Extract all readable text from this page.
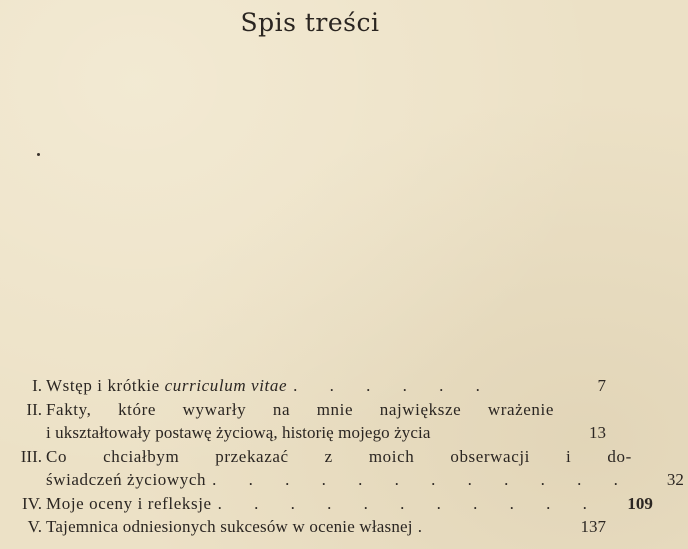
Spis treści
I. Wstęp i krótkie curriculum vitae . . . . . .	7
II. Fakty, które wywarły na mnie największe wrażenie
i ukształtowały postawę życiową, historię mojego życia	13
III. Co chciałbym przekazać z moich obserwacji i do-
świadczeń życiowych . . . . . . . . . . . .	32
IV. Moje oceny i refleksje . . . . . . . . . . .	109
V. Tajemnica odniesionych sukcesów w ocenie własnej .	137
